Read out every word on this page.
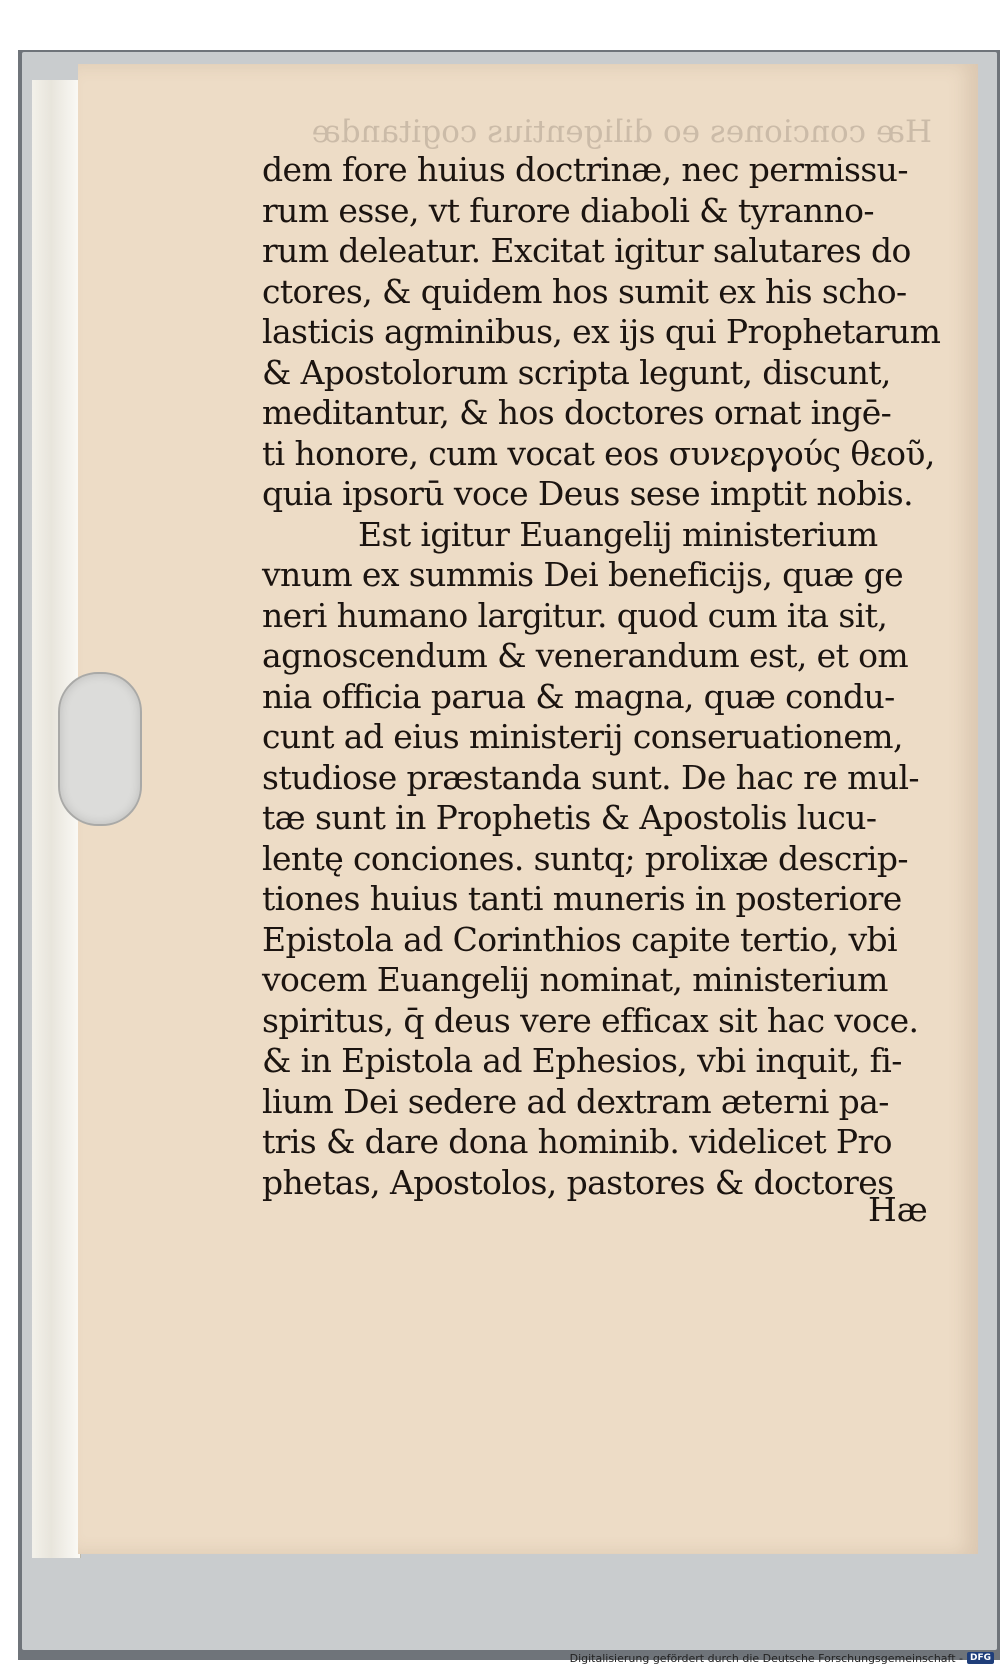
Hæ conciones eo diligentius cogitandæ
dem fore huius doctrinæ, nec permissu-
rum esse, vt furore diaboli & tyranno-
rum deleatur. Excitat igitur salutares do
ctores, & quidem hos sumit ex his scho-
lasticis agminibus, ex ijs qui Prophetarum
& Apostolorum scripta legunt, discunt,
meditantur, & hos doctores ornat ingē-
ti honore, cum vocat eos συνεργούς θεοῦ,
quia ipsorū voce Deus sese imptit nobis.
Est igitur Euangelij ministerium
vnum ex summis Dei beneficijs, quæ ge
neri humano largitur. quod cum ita sit,
agnoscendum & venerandum est, et om
nia officia parua & magna, quæ condu-
cunt ad eius ministerij conseruationem,
studiose præstanda sunt. De hac re mul-
tæ sunt in Prophetis & Apostolis lucu-
lentę conciones. suntq; prolixæ descrip-
tiones huius tanti muneris in posteriore
Epistola ad Corinthios capite tertio, vbi
vocem Euangelij nominat, ministerium
spiritus, q̄ deus vere efficax sit hac voce.
& in Epistola ad Ephesios, vbi inquit, fi-
lium Dei sedere ad dextram æterni pa-
tris & dare dona hominib. videlicet Pro
phetas, Apostolos, pastores & doctores
Hæ
Digitalisierung gefördert durch die Deutsche Forschungsgemeinschaft - DFG
